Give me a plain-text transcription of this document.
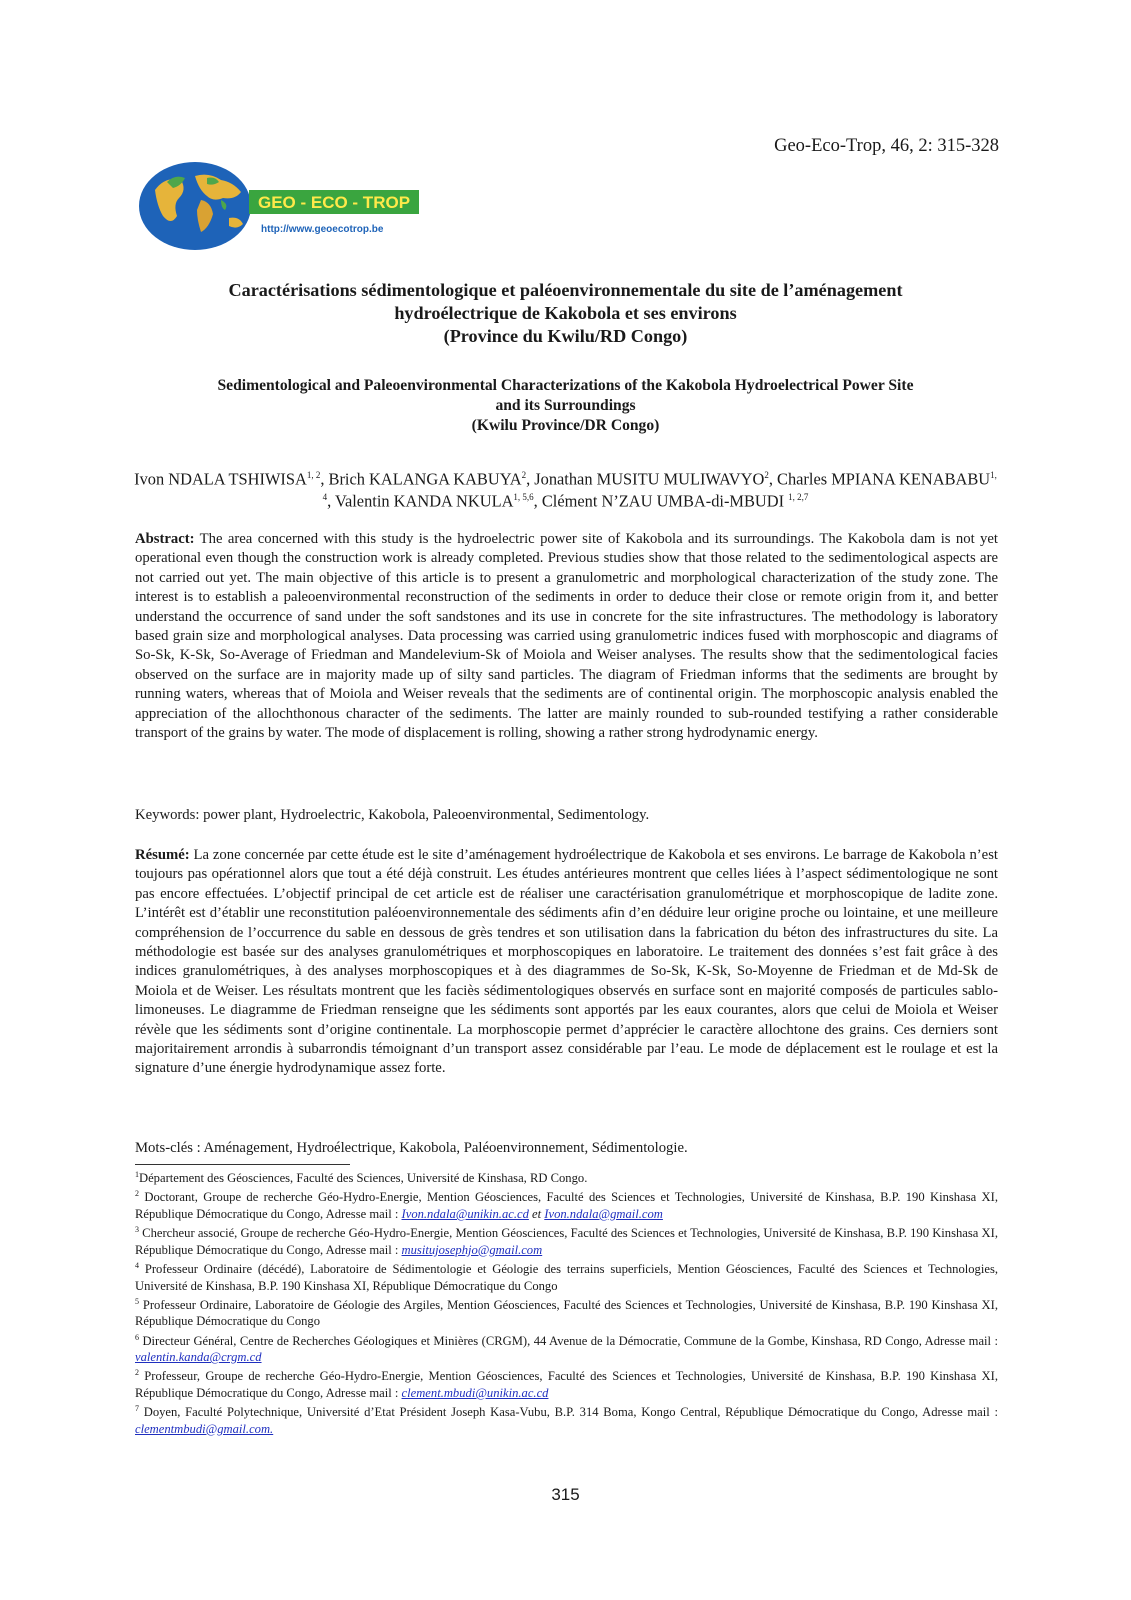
Geo-Eco-Trop, 46, 2: 315-328
GEO - ECO - TROP
http://www.geoecotrop.be
Caractérisations sédimentologique et paléoenvironnementale du site de l’aménagement
hydroélectrique de Kakobola et ses environs
(Province du Kwilu/RD Congo)
Sedimentological and Paleoenvironmental Characterizations of the Kakobola Hydroelectrical Power Site
and its Surroundings
(Kwilu Province/DR Congo)
Ivon NDALA TSHIWISA$^{1, 2}$, Brich KALANGA KABUYA$^2$, Jonathan MUSITU MULIWAVYO$^2$, Charles MPIANA KENABABU$^{1, 4}$, Valentin KANDA NKULA$^{1, 5,6}$, Clément N’ZAU UMBA-di-MBUDI $^{1, 2,7}$
Abstract: The area concerned with this study is the hydroelectric power site of Kakobola and its surroundings. The Kakobola dam is not yet operational even though the construction work is already completed. Previous studies show that those related to the sedimentological aspects are not carried out yet. The main objective of this article is to present a granulometric and morphological characterization of the study zone. The interest is to establish a paleoenvironmental reconstruction of the sediments in order to deduce their close or remote origin from it, and better understand the occurrence of sand under the soft sandstones and its use in concrete for the site infrastructures. The methodology is laboratory based grain size and morphological analyses. Data processing was carried using granulometric indices fused with morphoscopic and diagrams of So-Sk, K-Sk, So-Average of Friedman and Mandelevium-Sk of Moiola and Weiser analyses. The results show that the sedimentological facies observed on the surface are in majority made up of silty sand particles. The diagram of Friedman informs that the sediments are brought by running waters, whereas that of Moiola and Weiser reveals that the sediments are of continental origin. The morphoscopic analysis enabled the appreciation of the allochthonous character of the sediments. The latter are mainly rounded to sub-rounded testifying a rather considerable transport of the grains by water. The mode of displacement is rolling, showing a rather strong hydrodynamic energy.
Keywords: power plant, Hydroelectric, Kakobola, Paleoenvironmental, Sedimentology.
Résumé: La zone concernée par cette étude est le site d’aménagement hydroélectrique de Kakobola et ses environs. Le barrage de Kakobola n’est toujours pas opérationnel alors que tout a été déjà construit. Les études antérieures montrent que celles liées à l’aspect sédimentologique ne sont pas encore effectuées. L’objectif principal de cet article est de réaliser une caractérisation granulométrique et morphoscopique de ladite zone. L’intérêt est d’établir une reconstitution paléoenvironnementale des sédiments afin d’en déduire leur origine proche ou lointaine, et une meilleure compréhension de l’occurrence du sable en dessous de grès tendres et son utilisation dans la fabrication du béton des infrastructures du site. La méthodologie est basée sur des analyses granulométriques et morphoscopiques en laboratoire. Le traitement des données s’est fait grâce à des indices granulométriques, à des analyses morphoscopiques et à des diagrammes de So-Sk, K-Sk, So-Moyenne de Friedman et de Md-Sk de Moiola et de Weiser. Les résultats montrent que les faciès sédimentologiques observés en surface sont en majorité composés de particules sablo-limoneuses. Le diagramme de Friedman renseigne que les sédiments sont apportés par les eaux courantes, alors que celui de Moiola et Weiser révèle que les sédiments sont d’origine continentale. La morphoscopie permet d’apprécier le caractère allochtone des grains. Ces derniers sont majoritairement arrondis à subarrondis témoignant d’un transport assez considérable par l’eau. Le mode de déplacement est le roulage et est la signature d’une énergie hydrodynamique assez forte.
Mots-clés : Aménagement, Hydroélectrique, Kakobola, Paléoenvironnement, Sédimentologie.

$^1$Département des Géosciences, Faculté des Sciences, Université de Kinshasa, RD Congo.

$^2$ Doctorant, Groupe de recherche Géo-Hydro-Energie, Mention Géosciences, Faculté des Sciences et Technologies, Université de Kinshasa, B.P. 190 Kinshasa XI, République Démocratique du Congo, Adresse mail : Ivon.ndala@unikin.ac.cd et Ivon.ndala@gmail.com

$^3$ Chercheur associé, Groupe de recherche Géo-Hydro-Energie, Mention Géosciences, Faculté des Sciences et Technologies, Université de Kinshasa, B.P. 190 Kinshasa XI, République Démocratique du Congo, Adresse mail : musitujosephjo@gmail.com

$^4$ Professeur Ordinaire (décédé), Laboratoire de Sédimentologie et Géologie des terrains superficiels, Mention Géosciences, Faculté des Sciences et Technologies, Université de Kinshasa, B.P. 190 Kinshasa XI, République Démocratique du Congo

$^5$ Professeur Ordinaire, Laboratoire de Géologie des Argiles, Mention Géosciences, Faculté des Sciences et Technologies, Université de Kinshasa, B.P. 190 Kinshasa XI, République Démocratique du Congo

$^6$ Directeur Général, Centre de Recherches Géologiques et Minières (CRGM), 44 Avenue de la Démocratie, Commune de la Gombe, Kinshasa, RD Congo, Adresse mail : valentin.kanda@crgm.cd

$^2$ Professeur, Groupe de recherche Géo-Hydro-Energie, Mention Géosciences, Faculté des Sciences et Technologies, Université de Kinshasa, B.P. 190 Kinshasa XI, République Démocratique du Congo, Adresse mail : clement.mbudi@unikin.ac.cd

$^7$ Doyen, Faculté Polytechnique, Université d’Etat Président Joseph Kasa-Vubu, B.P. 314 Boma, Kongo Central, République Démocratique du Congo, Adresse mail : clementmbudi@gmail.com.

315
